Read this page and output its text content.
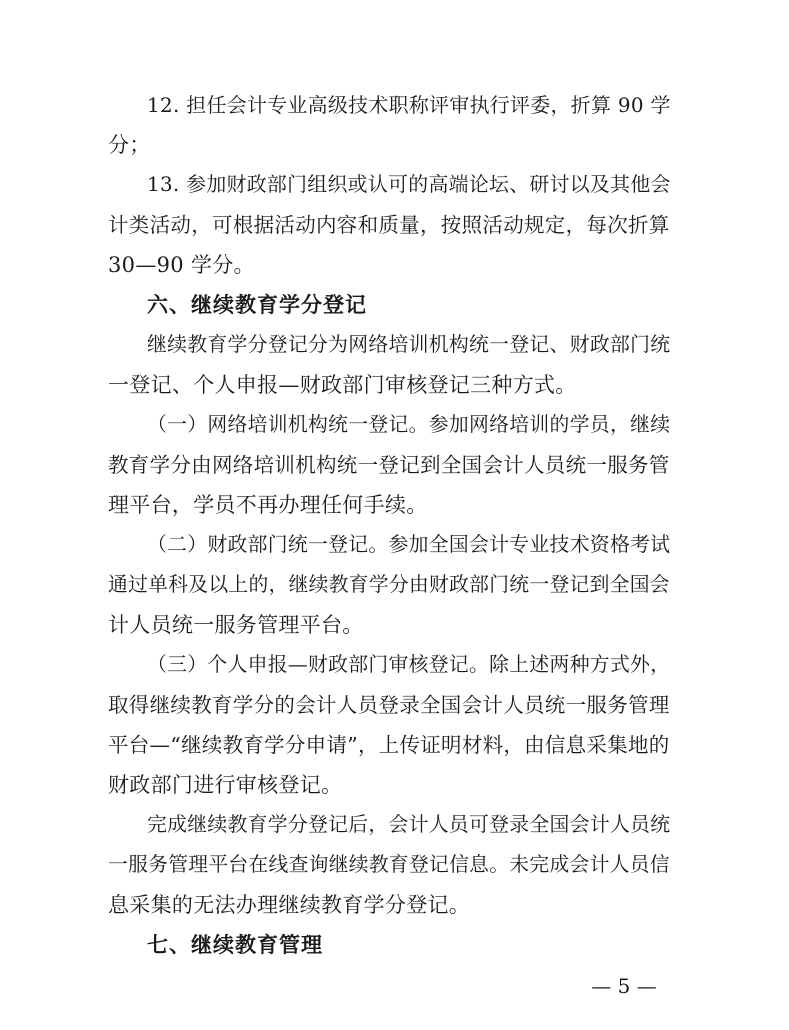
12. 担任会计专业高级技术职称评审执行评委，折算 90 学
分；
13. 参加财政部门组织或认可的高端论坛、研讨以及其他会
计类活动，可根据活动内容和质量，按照活动规定，每次折算
30—90 学分。
六、继续教育学分登记
继续教育学分登记分为网络培训机构统一登记、财政部门统
一登记、个人申报—财政部门审核登记三种方式。
（一）网络培训机构统一登记。参加网络培训的学员，继续
教育学分由网络培训机构统一登记到全国会计人员统一服务管
理平台，学员不再办理任何手续。
（二）财政部门统一登记。参加全国会计专业技术资格考试
通过单科及以上的，继续教育学分由财政部门统一登记到全国会
计人员统一服务管理平台。
（三）个人申报—财政部门审核登记。除上述两种方式外，
取得继续教育学分的会计人员登录全国会计人员统一服务管理
平台—“继续教育学分申请”，上传证明材料，由信息采集地的
财政部门进行审核登记。
完成继续教育学分登记后，会计人员可登录全国会计人员统
一服务管理平台在线查询继续教育登记信息。未完成会计人员信
息采集的无法办理继续教育学分登记。
七、继续教育管理
— 5 —
